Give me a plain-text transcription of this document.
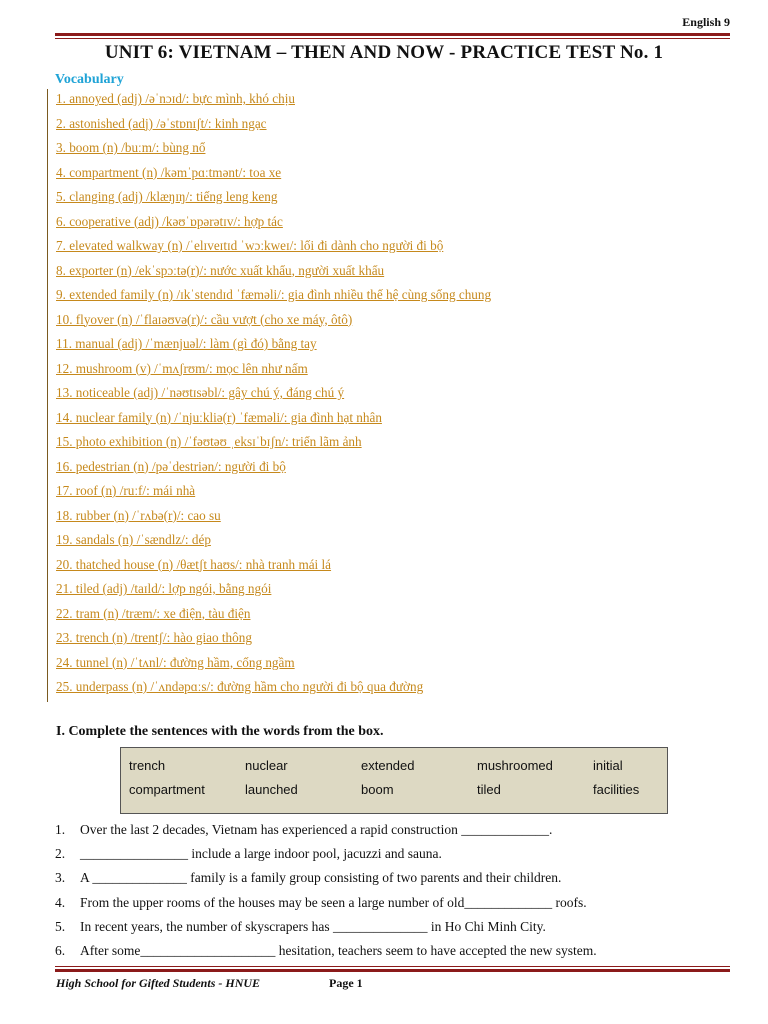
English 9
UNIT 6: VIETNAM – THEN AND NOW - PRACTICE TEST No. 1
Vocabulary
1. annoyed (adj) /əˈnɔɪd/: bực mình, khó chịu
2. astonished (adj) /əˈstɒnɪʃt/: kinh ngạc
3. boom (n) /buːm/: bùng nổ
4. compartment (n) /kəmˈpɑːtmənt/: toa xe
5. clanging (adj) /klæŋɪŋ/: tiếng leng keng
6. cooperative (adj) /kəʊˈɒpərətɪv/: hợp tác
7. elevated walkway (n) /ˈelɪveɪtɪd ˈwɔːkweɪ/: lối đi dành cho người đi bộ
8. exporter (n) /ekˈspɔːtə(r)/: nước xuất khẩu, người xuất khẩu
9. extended family (n) /ɪkˈstendɪd ˈfæməli/: gia đình nhiều thế hệ cùng sống chung
10. flyover (n) /ˈflaɪəʊvə(r)/: cầu vượt (cho xe máy, ôtô)
11. manual (adj) /ˈmænjuəl/: làm (gì đó) bằng tay
12. mushroom (v) /ˈmʌʃrʊm/: mọc lên như nấm
13. noticeable (adj) /ˈnəʊtɪsəbl/: gây chú ý, đáng chú ý
14. nuclear family (n) /ˈnjuːkliə(r) ˈfæməli/: gia đình hạt nhân
15. photo exhibition (n) /ˈfəʊtəʊ ˌeksɪˈbɪʃn/: triển lãm ảnh
16. pedestrian (n) /pəˈdestriən/: người đi bộ
17. roof (n) /ruːf/: mái nhà
18. rubber (n) /ˈrʌbə(r)/: cao su
19. sandals (n) /ˈsændlz/: dép
20. thatched house (n) /θætʃt haʊs/: nhà tranh mái lá
21. tiled (adj) /taɪld/: lợp ngói, bằng ngói
22. tram (n) /træm/: xe điện, tàu điện
23. trench (n) /trentʃ/: hào giao thông
24. tunnel (n) /ˈtʌnl/: đường hầm, cống ngầm
25. underpass (n) /ˈʌndəpɑːs/: đường hầm cho người đi bộ qua đường
I. Complete the sentences with the words from the box.
trench	nuclear	extended	mushroomed	initial
compartment	launched	boom	tiled	facilities
1.	Over the last 2 decades, Vietnam has experienced a rapid construction _____________.
2.	________________ include a large indoor pool, jacuzzi and sauna.
3.	A ______________ family is a family group consisting of two parents and their children.
4.	From the upper rooms of the houses may be seen a large number of old_____________ roofs.
5.	In recent years, the number of skyscrapers has ______________ in Ho Chi Minh City.
6.	After some____________________ hesitation, teachers seem to have accepted the new system.
High School for Gifted Students - HNUE	Page 1
